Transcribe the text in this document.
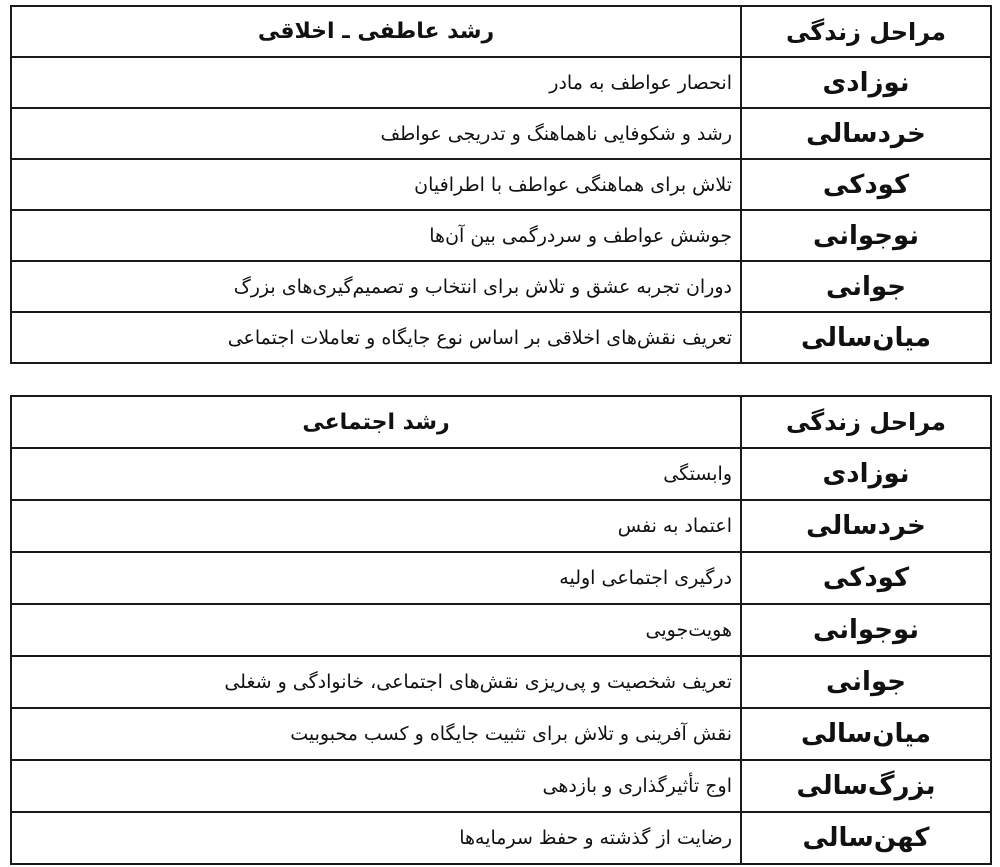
مراحل زندگی	رشد عاطفی ـ اخلاقی
نوزادی	انحصار عواطف به مادر
خردسالی	رشد و شکوفایی ناهماهنگ و تدریجی عواطف
کودکی	تلاش برای هماهنگی عواطف با اطرافیان
نوجوانی	جوشش عواطف و سردرگمی بین آن‌ها
جوانی	دوران تجربه عشق و تلاش برای انتخاب و تصمیم‌گیری‌های بزرگ
میان‌سالی	تعریف نقش‌های اخلاقی بر اساس نوع جایگاه و تعاملات اجتماعی
مراحل زندگی	رشد اجتماعی
نوزادی	وابستگی
خردسالی	اعتماد به نفس
کودکی	درگیری اجتماعی اولیه
نوجوانی	هویت‌جویی
جوانی	تعریف شخصیت و پی‌ریزی نقش‌های اجتماعی، خانوادگی و شغلی
میان‌سالی	نقش آفرینی و تلاش برای تثبیت جایگاه و کسب محبوبیت
بزرگ‌سالی	اوج تأثیرگذاری و بازدهی
کهن‌سالی	رضایت از گذشته و حفظ سرمایه‌ها
